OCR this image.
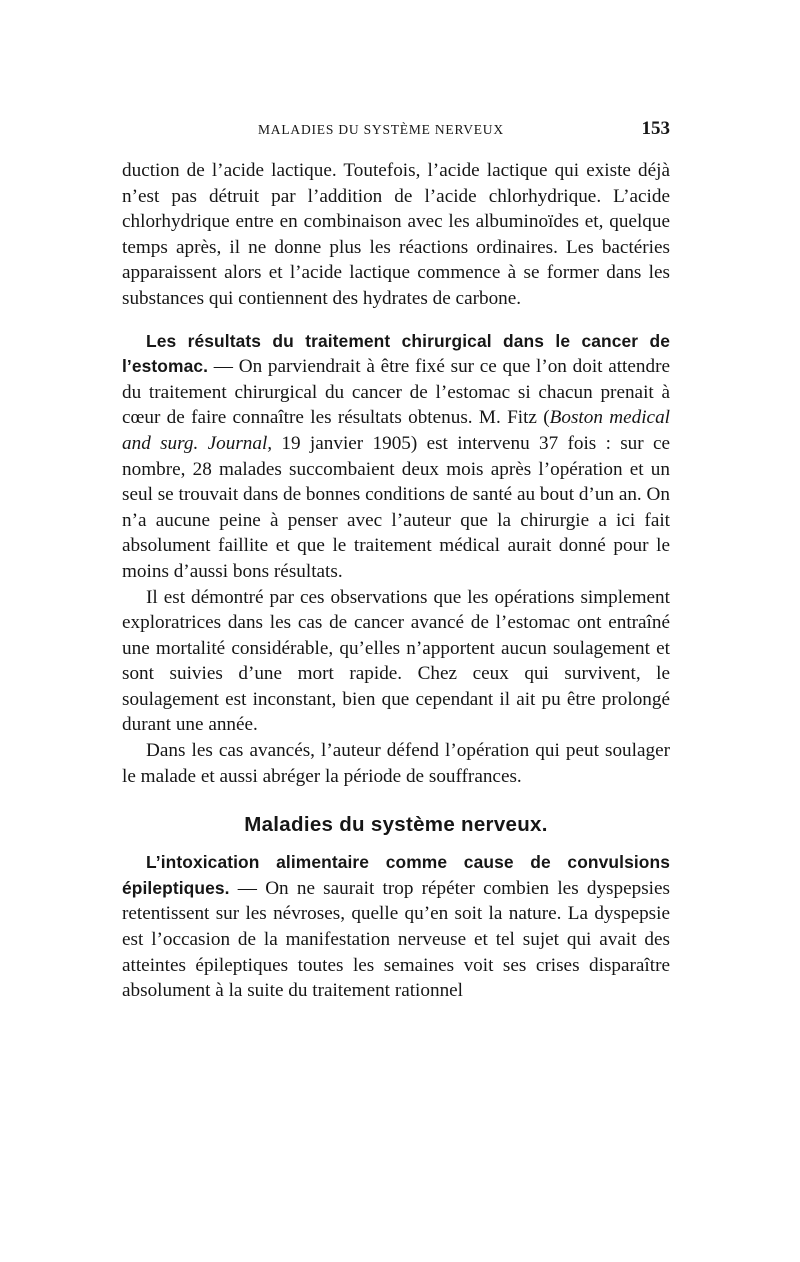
MALADIES DU SYSTÈME NERVEUX	153

duction de l’acide lactique. Toutefois, l’acide lactique qui existe déjà n’est pas détruit par l’addition de l’acide chlorhydrique. L’acide chlorhydrique entre en combinaison avec les albuminoïdes et, quelque temps après, il ne donne plus les réactions ordinaires. Les bactéries apparaissent alors et l’acide lactique commence à se former dans les substances qui contiennent des hydrates de carbone.

Les résultats du traitement chirurgical dans le cancer de l’estomac. — On parviendrait à être fixé sur ce que l’on doit attendre du traitement chirurgical du cancer de l’estomac si chacun prenait à cœur de faire connaître les résultats obtenus. M. Fitz (Boston medical and surg. Journal, 19 janvier 1905) est intervenu 37 fois : sur ce nombre, 28 malades succombaient deux mois après l’opération et un seul se trouvait dans de bonnes conditions de santé au bout d’un an. On n’a aucune peine à penser avec l’auteur que la chirurgie a ici fait absolument faillite et que le traitement médical aurait donné pour le moins d’aussi bons résultats.

Il est démontré par ces observations que les opérations simplement exploratrices dans les cas de cancer avancé de l’estomac ont entraîné une mortalité considérable, qu’elles n’apportent aucun soulagement et sont suivies d’une mort rapide. Chez ceux qui survivent, le soulagement est inconstant, bien que cependant il ait pu être prolongé durant une année.

Dans les cas avancés, l’auteur défend l’opération qui peut soulager le malade et aussi abréger la période de souffrances.

Maladies du système nerveux.

L’intoxication alimentaire comme cause de convulsions épileptiques. — On ne saurait trop répéter combien les dyspepsies retentissent sur les névroses, quelle qu’en soit la nature. La dyspepsie est l’occasion de la manifestation nerveuse et tel sujet qui avait des atteintes épileptiques toutes les semaines voit ses crises disparaître absolument à la suite du traitement rationnel
